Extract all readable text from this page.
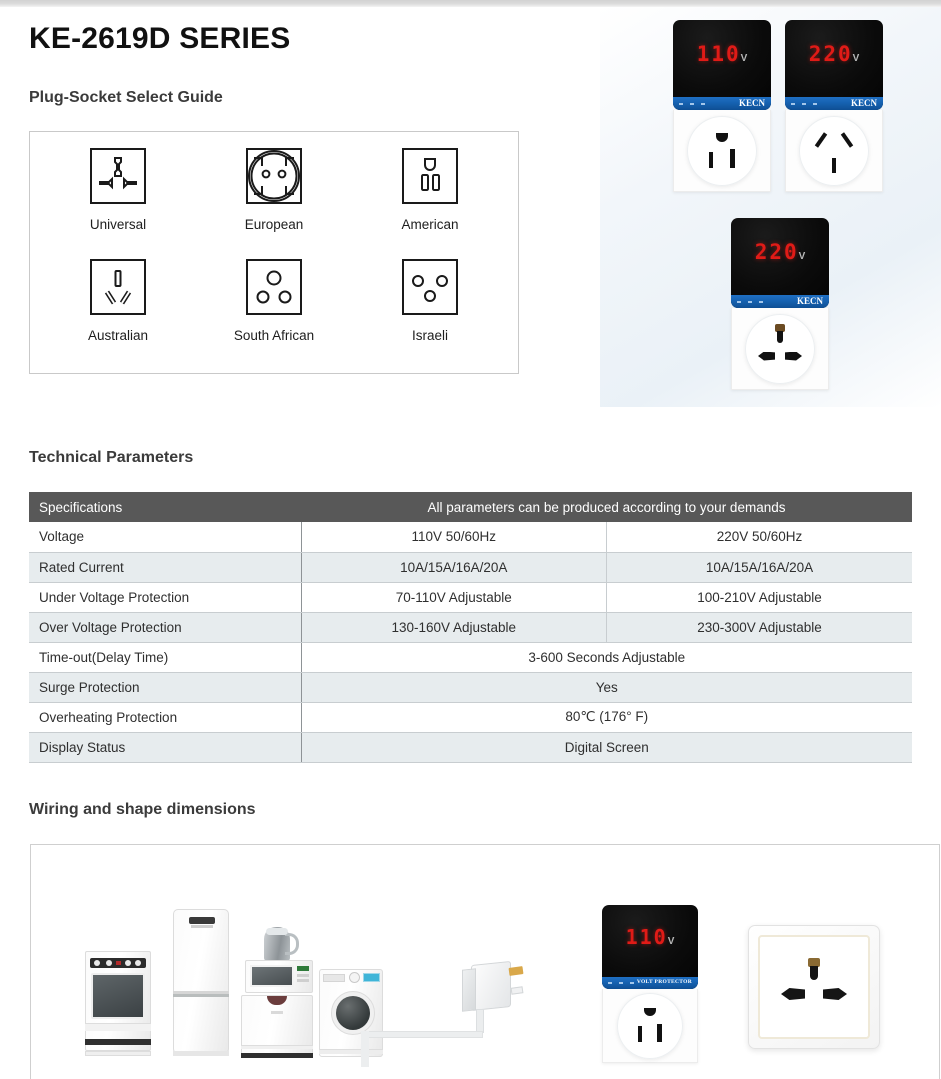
KE-2619D SERIES
Plug-Socket Select Guide
Technical Parameters
Wiring and shape dimensions
Universal	European	American
Australian	South African	Israeli
110V
KECN
220V
KECN
220V
KECN
Specifications	All parameters can be produced according to your demands	
Voltage	110V 50/60Hz	220V 50/60Hz
Rated Current	10A/15A/16A/20A	10A/15A/16A/20A
Under Voltage Protection	70-110V Adjustable	100-210V Adjustable
Over Voltage Protection	130-160V Adjustable	230-300V Adjustable
Time-out(Delay Time)	3-600 Seconds Adjustable	
Surge Protection	Yes	
Overheating Protection	80℃ (176° F)	
Display Status	Digital Screen	
110V
VOLT PROTECTOR
